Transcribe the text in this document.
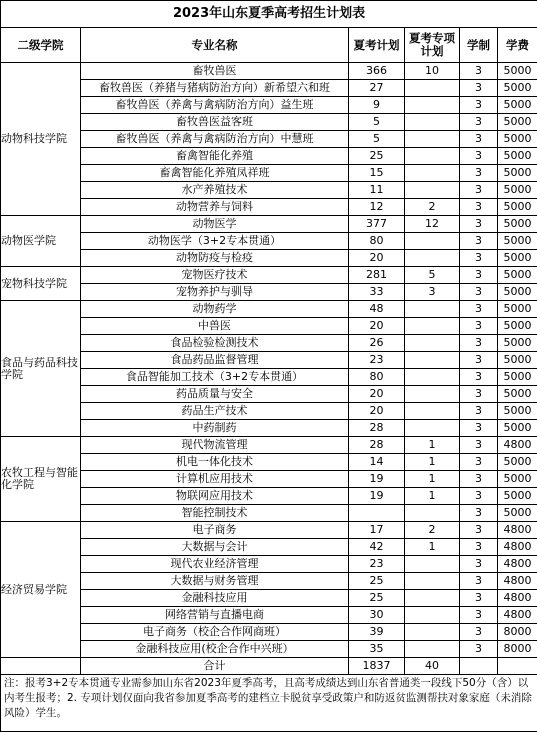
2023年山东夏季高考招生计划表					
二级学院	专业名称	夏考计划	夏考专项计划	学制	学费
动物科技学院	畜牧兽医	366	10	3	5000
	畜牧兽医（养猪与猪病防治方向）新希望六和班	27		3	5000
	畜牧兽医（养禽与禽病防治方向）益生班	9		3	5000
	畜牧兽医益客班	5		3	5000
	畜牧兽医（养禽与禽病防治方向）中慧班	5		3	5000
	畜禽智能化养殖	25		3	5000
	畜禽智能化养殖凤祥班	15		3	5000
	水产养殖技术	11		3	5000
	动物营养与饲料	12	2	3	5000
动物医学院	动物医学	377	12	3	5000
	动物医学（3+2专本贯通）	80		3	5000
	动物防疫与检疫	20		3	5000
宠物科技学院	宠物医疗技术	281	5	3	5000
	宠物养护与驯导	33	3	3	5000
食品与药品科技学院	动物药学	48		3	5000
	中兽医	20		3	5000
	食品检验检测技术	26		3	5000
	食品药品监督管理	23		3	5000
	食品智能加工技术（3+2专本贯通）	80		3	5000
	药品质量与安全	20		3	5000
	药品生产技术	20		3	5000
	中药制药	28		3	5000
农牧工程与智能化学院	现代物流管理	28	1	3	4800
	机电一体化技术	14	1	3	5000
	计算机应用技术	19	1	3	5000
	物联网应用技术	19	1	3	5000
	智能控制技术			3	5000
经济贸易学院	电子商务	17	2	3	4800
	大数据与会计	42	1	3	4800
	现代农业经济管理	23		3	4800
	大数据与财务管理	25		3	4800
	金融科技应用	25		3	4800
	网络营销与直播电商	30		3	4800
	电子商务（校企合作网商班）	39		3	8000
	金融科技应用(校企合作中兴班）	35		3	8000
	合计	1837	40		
注：报考3+2专本贯通专业需参加山东省2023年夏季高考，且高考成绩达到山东省普通类一段线下50分（含）以内考生报考；2. 专项计划仅面向我省参加夏季高考的建档立卡脱贫享受政策户和防返贫监测帮扶对象家庭（未消除风险）学生。					
